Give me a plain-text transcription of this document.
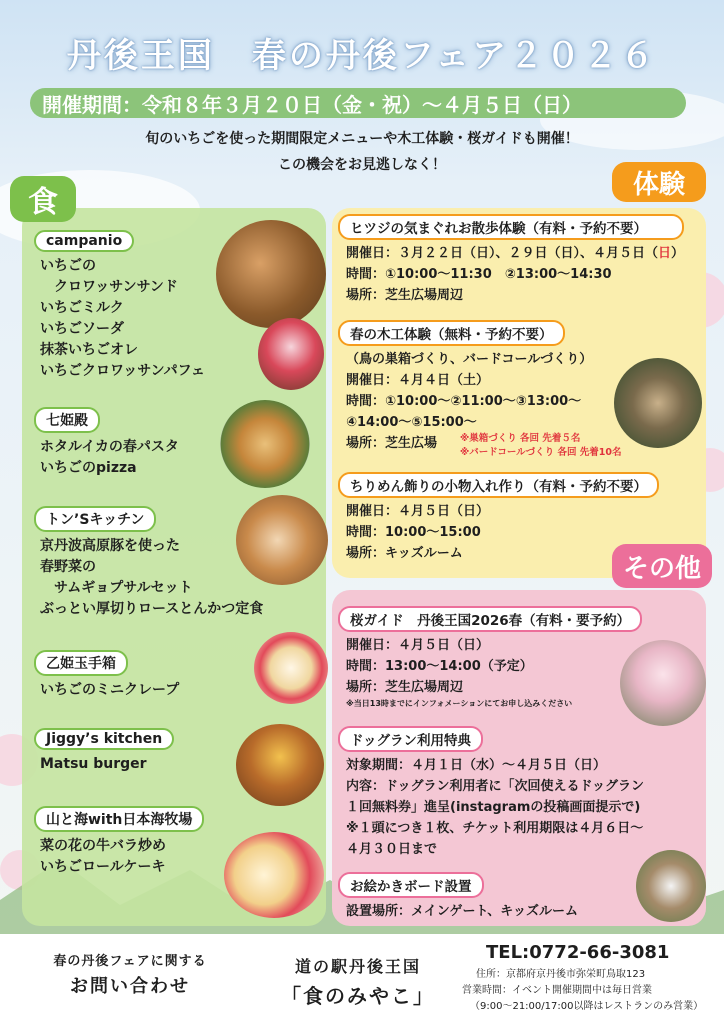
丹後王国　春の丹後フェア２０２６
開催期間：令和８年３月２０日（金・祝）～４月５日（日）
旬のいちごを使った期間限定メニューや木工体験・桜ガイドも開催！
この機会をお見逃しなく！
食
体験
その他
campanio
いちごの
　クロワッサンサンド
いちごミルク
いちごソーダ
抹茶いちごオレ
いちごクロワッサンパフェ
七姫殿
ホタルイカの春パスタ
いちごのpizza
トン’Sキッチン
京丹波高原豚を使った
春野菜の
　サムギョプサルセット
ぶっとい厚切りロースとんかつ定食
乙姫玉手箱
いちごのミニクレープ
Jiggy’s kitchen
Matsu burger
山と海with日本海牧場
菜の花の牛バラ炒め
いちごロールケーキ
ヒツジの気まぐれお散歩体験（有料・予約不要）
開催日：３月２２日（日）、２９日（日）、４月５日（日）
時間：①10:00～11:30　②13:00～14:30
場所：芝生広場周辺
春の木工体験（無料・予約不要）
（鳥の巣箱づくり、バードコールづくり）
開催日：４月４日（土）
時間：①10:00～②11:00～③13:00～
④14:00～⑤15:00～
場所：芝生広場	※巣箱づくり 各回 先着５名
※バードコールづくり 各回 先着10名
ちりめん飾りの小物入れ作り（有料・予約不要）
開催日：４月５日（日）
時間：10:00～15:00
場所：キッズルーム
桜ガイド　丹後王国2026春（有料・要予約）
開催日：４月５日（日）
時間：13:00～14:00（予定）
場所：芝生広場周辺
※当日13時までにインフォメーションにてお申し込みください
ドッグラン利用特典
対象期間：４月１日（水）～４月５日（日）
内容：ドッグラン利用者に「次回使えるドッグラン
１回無料券」進呈(instagramの投稿画面提示で)
※１頭につき１枚、チケット利用期限は４月６日～
４月３０日まで
お絵かきボード設置
設置場所：メインゲート、キッズルーム
春の丹後フェアに関する
お問い合わせ
道の駅丹後王国
「食のみやこ」
TEL:0772-66-3081
住所：京都府京丹後市弥栄町鳥取123
営業時間：イベント開催期間中は毎日営業
（9:00～21:00/17:00以降はレストランのみ営業）
